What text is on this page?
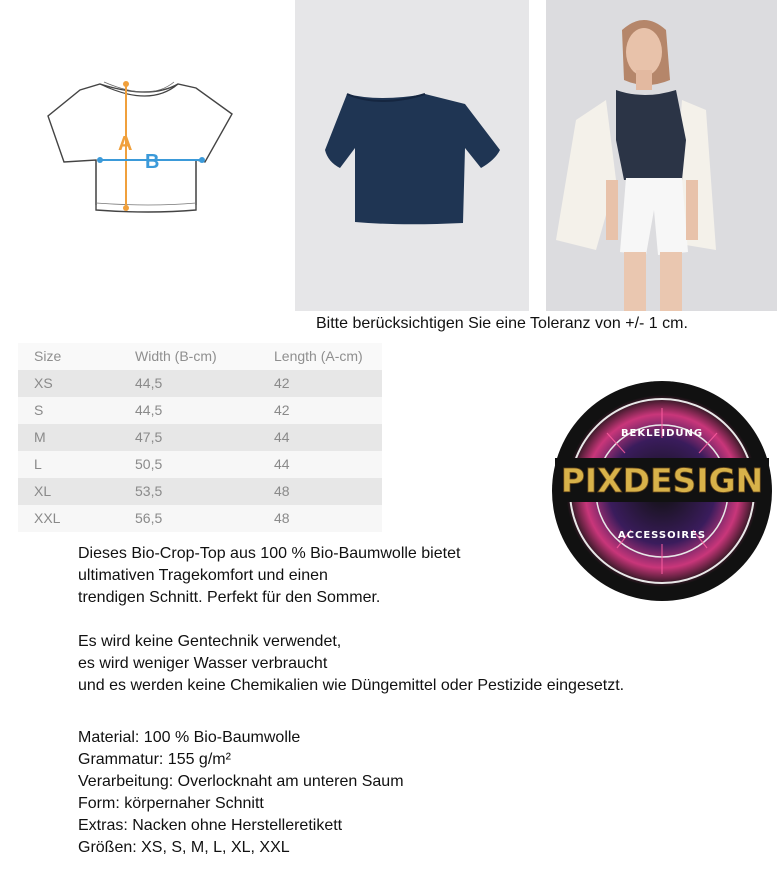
A
B
Bitte berücksichtigen Sie eine Toleranz von +/- 1 cm.
Size	Width (B-cm)	Length (A-cm)
XS	44,5	42
S	44,5	42
M	47,5	44
L	50,5	44
XL	53,5	48
XXL	56,5	48
PIXDESIGN
BEKLEIDUNG
ACCESSOIRES
Dieses Bio-Crop-Top aus 100 % Bio-Baumwolle bietet
ultimativen Tragekomfort und einen
trendigen Schnitt. Perfekt für den Sommer.
Es wird keine Gentechnik verwendet,
es wird weniger Wasser verbraucht
und es werden keine Chemikalien wie Düngemittel oder Pestizide eingesetzt.
Material: 100 % Bio-Baumwolle
Grammatur: 155 g/m²
Verarbeitung: Overlocknaht am unteren Saum
Form: körpernaher Schnitt
Extras: Nacken ohne Herstelleretikett
Größen: XS, S, M, L, XL, XXL
